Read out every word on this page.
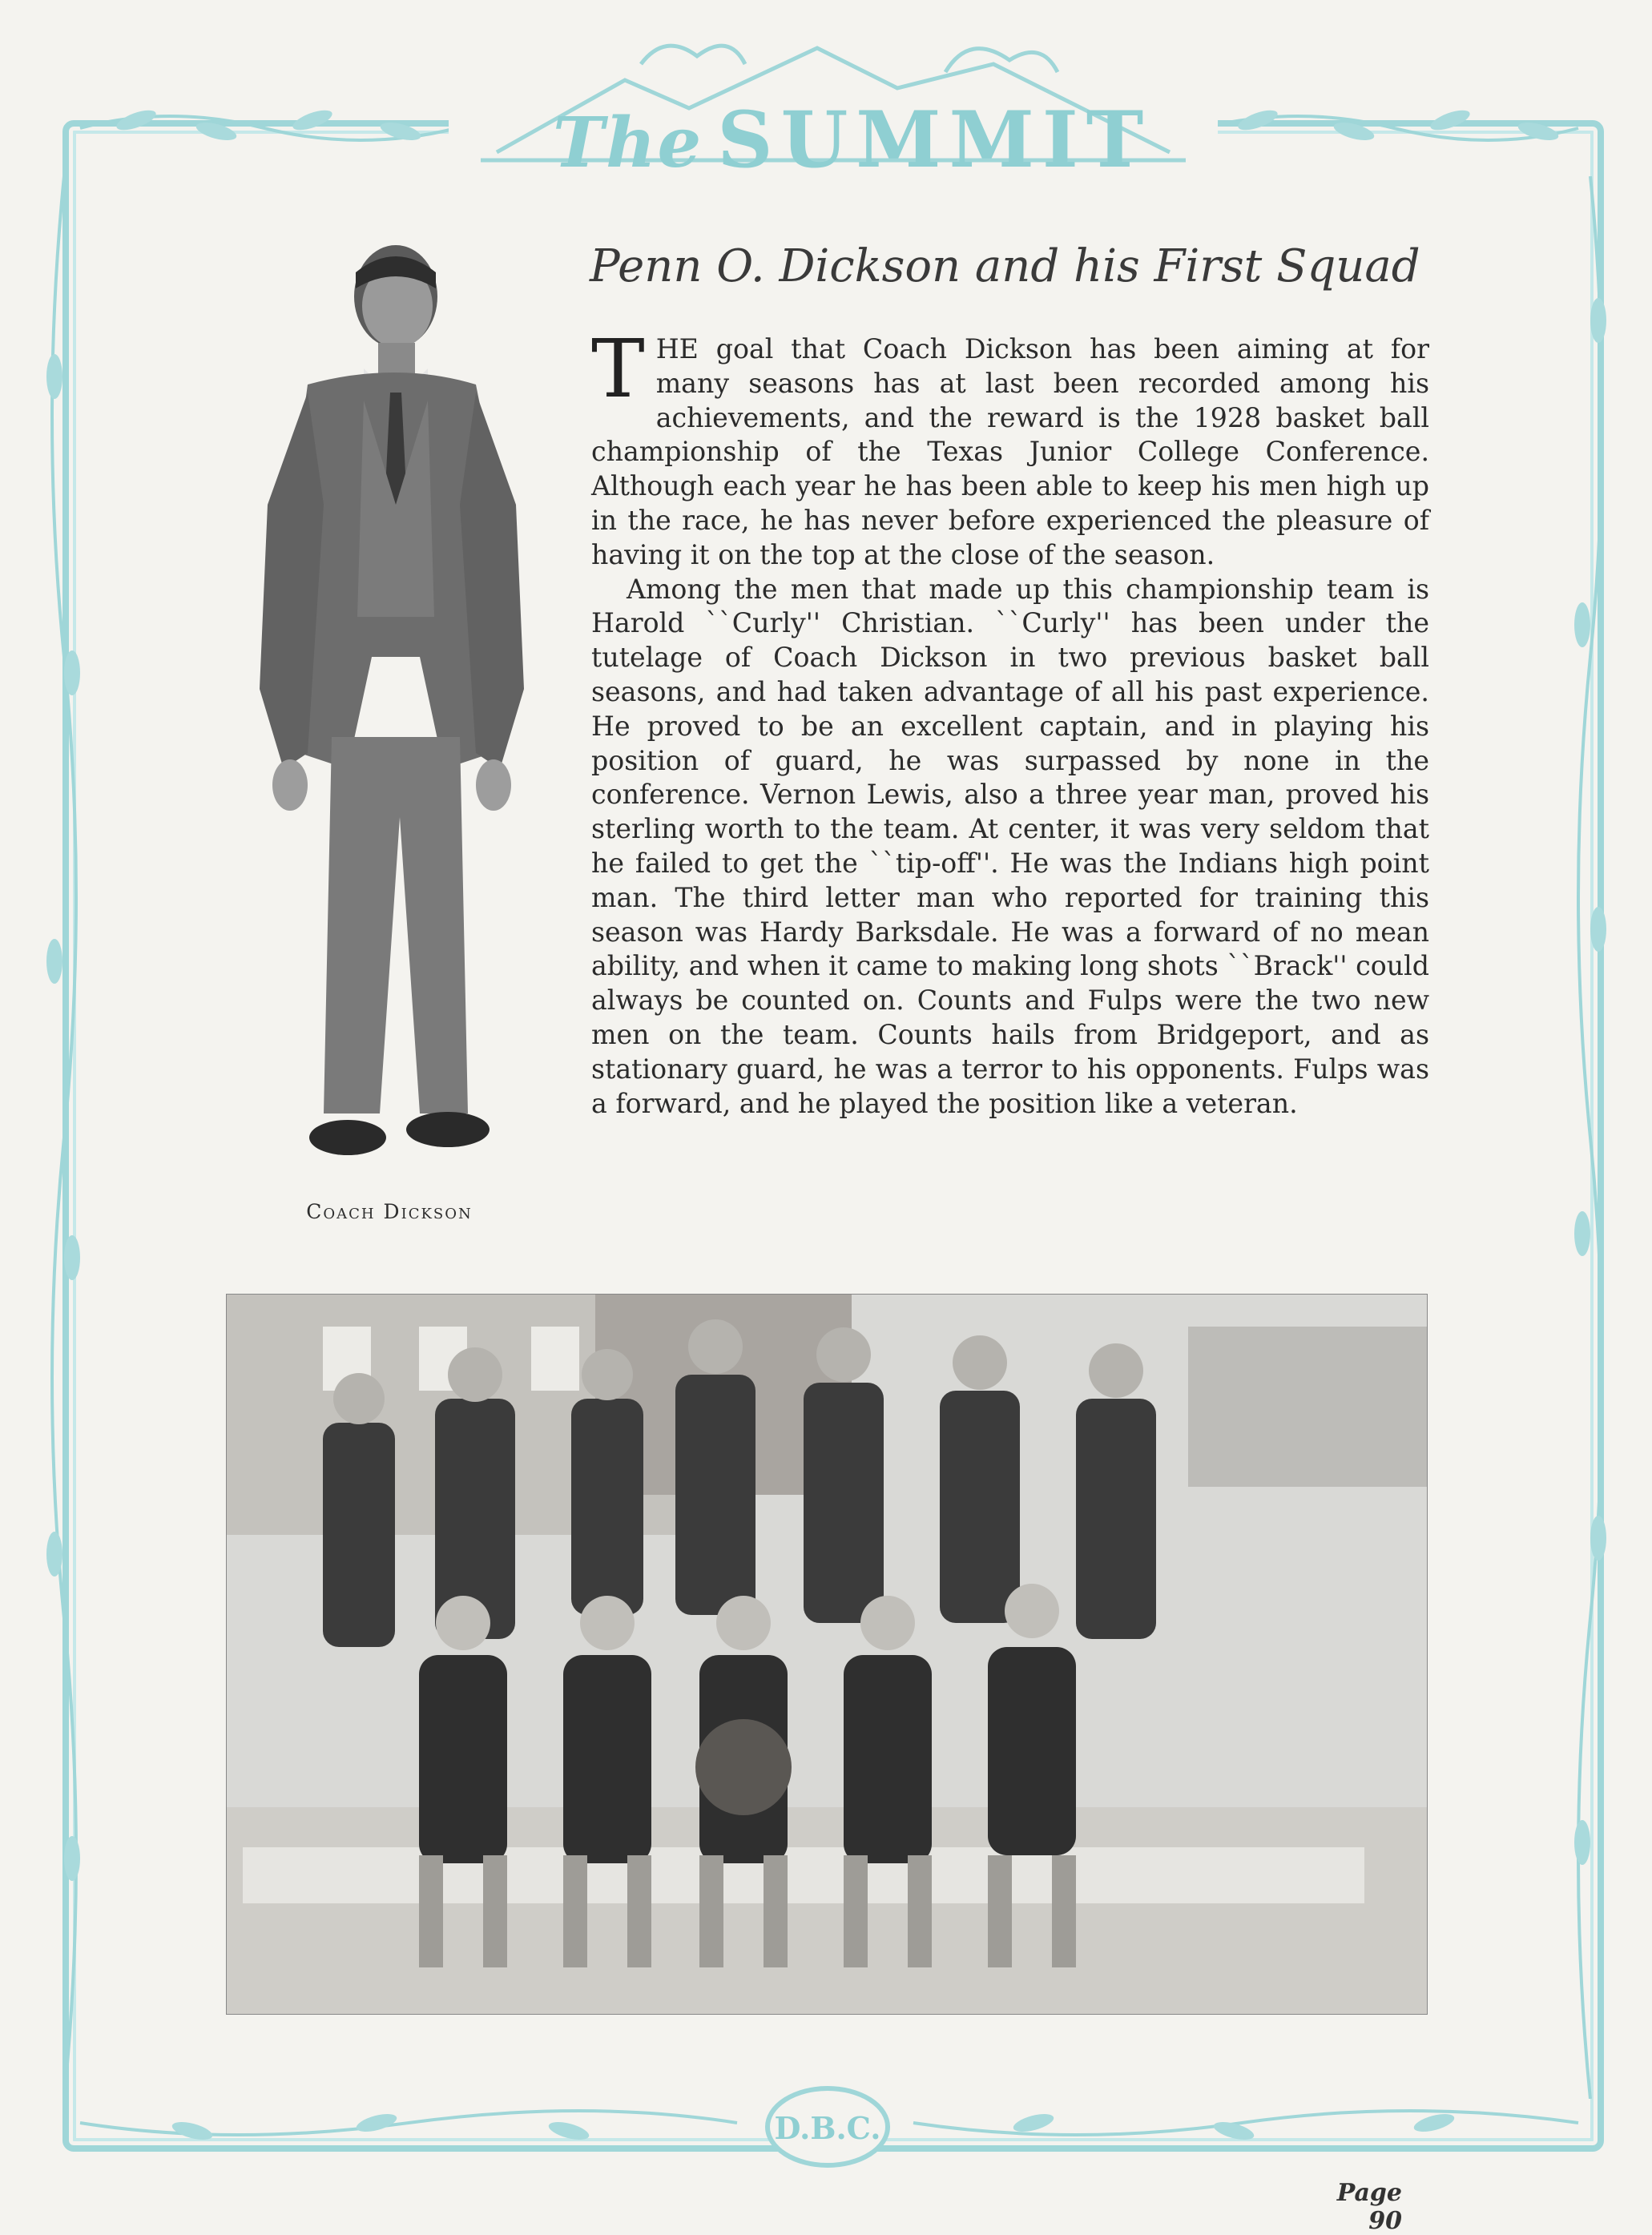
The SUMMIT
Coach Dickson
Penn O. Dickson and his First Squad

THE goal that Coach Dickson has been aiming at for many seasons has at last been recorded among his achievements, and the reward is the 1928 basket ball championship of the Texas Junior College Conference. Although each year he has been able to keep his men high up in the race, he has never before experienced the pleasure of having it on the top at the close of the season.

Among the men that made up this championship team is Harold ``Curly'' Christian. ``Curly'' has been under the tutelage of Coach Dickson in two previous basket ball seasons, and had taken advantage of all his past experience. He proved to be an excellent captain, and in playing his position of guard, he was surpassed by none in the conference. Vernon Lewis, also a three year man, proved his sterling worth to the team. At center, it was very seldom that he failed to get the ``tip-off''. He was the Indians high point man. The third letter man who reported for training this season was Hardy Barksdale. He was a forward of no mean ability, and when it came to making long shots ``Brack'' could always be counted on. Counts and Fulps were the two new men on the team. Counts hails from Bridgeport, and as stationary guard, he was a terror to his opponents. Fulps was a forward, and he played the position like a veteran.

D.B.C.
Page 90
